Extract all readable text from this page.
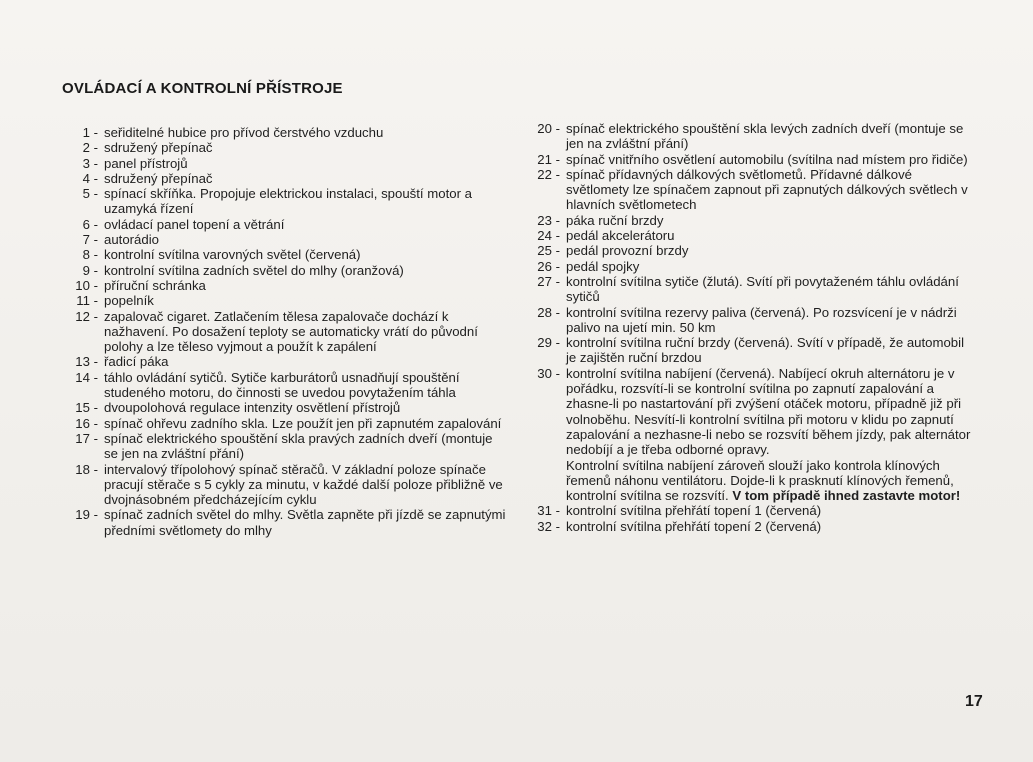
OVLÁDACÍ A KONTROLNÍ PŘÍSTROJE
1 - seřiditelné hubice pro přívod čerstvého vzduchu
2 - sdružený přepínač
3 - panel přístrojů
4 - sdružený přepínač
5 - spínací skříňka. Propojuje elektrickou instalaci, spouští motor a uzamyká řízení
6 - ovládací panel topení a větrání
7 - autorádio
8 - kontrolní svítilna varovných světel (červená)
9 - kontrolní svítilna zadních světel do mlhy (oranžová)
10 - příruční schránka
11 - popelník
12 - zapalovač cigaret. Zatlačením tělesa zapalovače dochází k nažhavení. Po dosažení teploty se automaticky vrátí do původní polohy a lze těleso vyjmout a použít k zapálení
13 - řadicí páka
14 - táhlo ovládání sytičů. Sytiče karburátorů usnadňují spouštění studeného motoru, do činnosti se uvedou povytažením táhla
15 - dvoupolohová regulace intenzity osvětlení přístrojů
16 - spínač ohřevu zadního skla. Lze použít jen při zapnutém zapalování
17 - spínač elektrického spouštění skla pravých zadních dveří (montuje se jen na zvláštní přání)
18 - intervalový třípolohový spínač stěračů. V základní poloze spínače pracují stěrače s 5 cykly za minutu, v každé další poloze přibližně ve dvojnásobném předcházejícím cyklu
19 - spínač zadních světel do mlhy. Světla zapněte při jízdě se zapnutými předními světlomety do mlhy
20 - spínač elektrického spouštění skla levých zadních dveří (montuje se jen na zvláštní přání)
21 - spínač vnitřního osvětlení automobilu (svítilna nad místem pro řidiče)
22 - spínač přídavných dálkových světlometů. Přídavné dálkové světlomety lze spínačem zapnout při zapnutých dálkových světlech v hlavních světlometech
23 - páka ruční brzdy
24 - pedál akcelerátoru
25 - pedál provozní brzdy
26 - pedál spojky
27 - kontrolní svítilna sytiče (žlutá). Svítí při povytaženém táhlu ovládání sytičů
28 - kontrolní svítilna rezervy paliva (červená). Po rozsvícení je v nádrži palivo na ujetí min. 50 km
29 - kontrolní svítilna ruční brzdy (červená). Svítí v případě, že automobil je zajištěn ruční brzdou
30 - kontrolní svítilna nabíjení (červená). Nabíjecí okruh alternátoru je v pořádku, rozsvítí-li se kontrolní svítilna po zapnutí zapalování a zhasne-li po nastartování při zvýšení otáček motoru, případně již při volnoběhu. Nesvítí-li kontrolní svítilna při motoru v klidu po zapnutí zapalování a nezhasne-li nebo se rozsvítí během jízdy, pak alternátor nedobíjí a je třeba odborné opravy.
Kontrolní svítilna nabíjení zároveň slouží jako kontrola klínových řemenů náhonu ventilátoru. Dojde-li k prasknutí klínových řemenů, kontrolní svítilna se rozsvítí. V tom případě ihned zastavte motor!
31 - kontrolní svítilna přehřátí topení 1 (červená)
32 - kontrolní svítilna přehřátí topení 2 (červená)
17
